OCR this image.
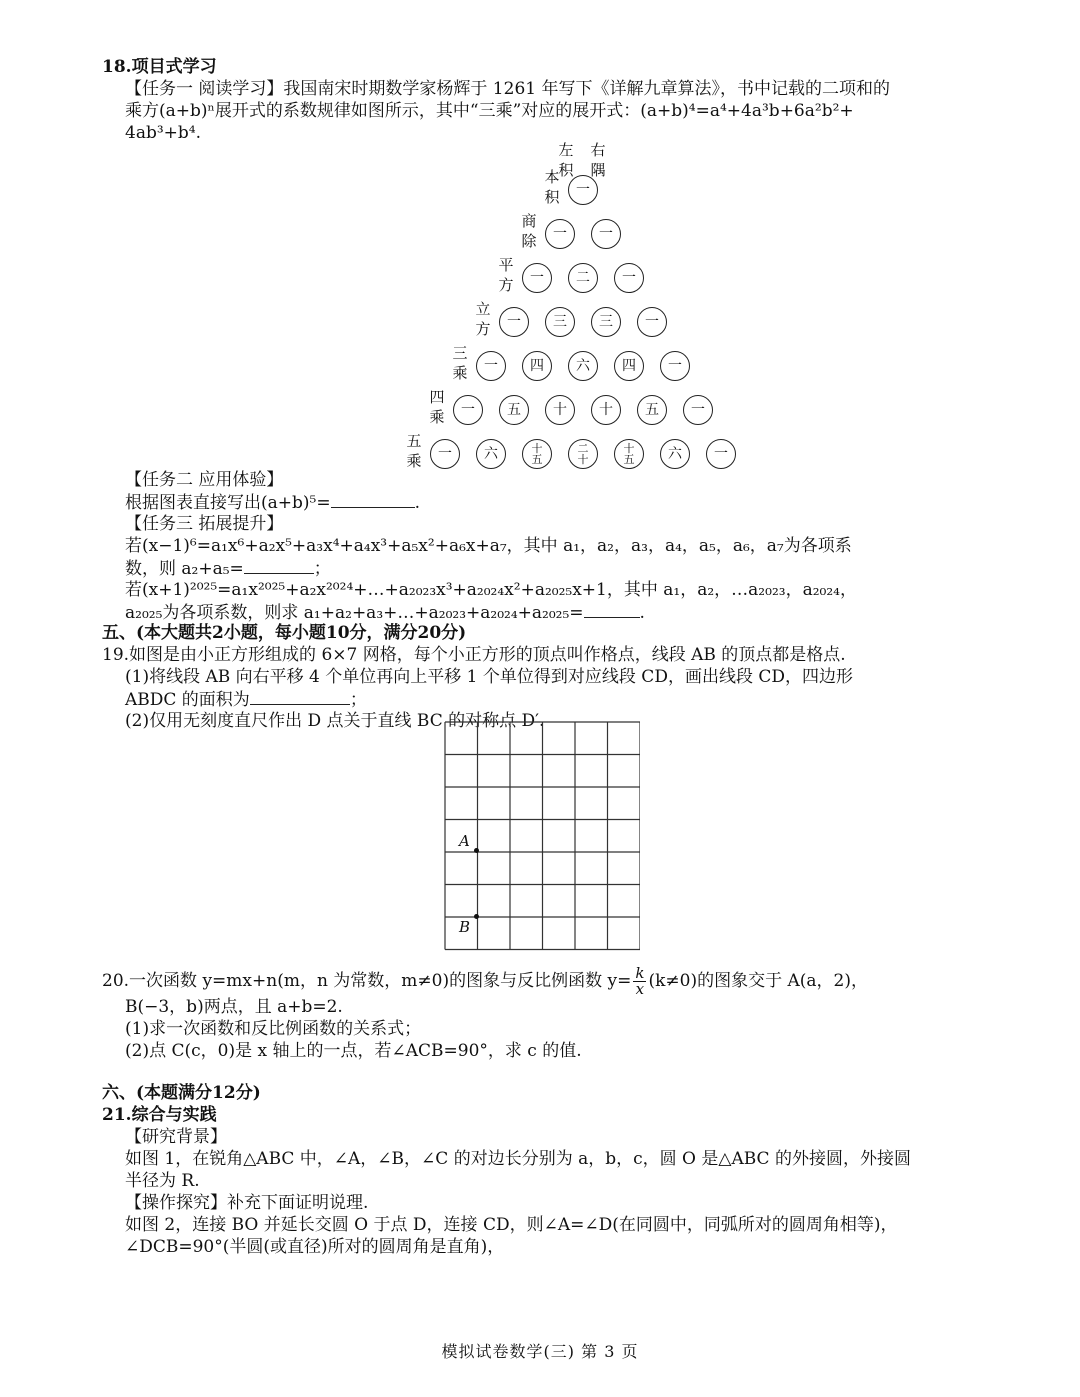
18.项目式学习
【任务一 阅读学习】我国南宋时期数学家杨辉于 1261 年写下《详解九章算法》，书中记载的二项和的
乘方(a+b)ⁿ展开式的系数规律如图所示，其中“三乘”对应的展开式：(a+b)⁴=a⁴+4a³b+6a²b²+
4ab³+b⁴.
左
积
右
隅
一
本
积
一	一
商
除
一	二	一
平
方
一	三	三	一
立
方
一	四	六	四	一
三
乘
一	五	十	十	五	一
四
乘
一	六	十
五
二
十
十
五	六	一
五
乘
【任务二 应用体验】
根据图表直接写出(a+b)⁵=	.
【任务三 拓展提升】
若(x−1)⁶=a₁x⁶+a₂x⁵+a₃x⁴+a₄x³+a₅x²+a₆x+a₇，其中 a₁，a₂，a₃，a₄，a₅，a₆，a₇为各项系
数，则 a₂+a₅=	；
若(x+1)²⁰²⁵=a₁x²⁰²⁵+a₂x²⁰²⁴+…+a₂₀₂₃x³+a₂₀₂₄x²+a₂₀₂₅x+1，其中 a₁，a₂，…a₂₀₂₃，a₂₀₂₄，
a₂₀₂₅为各项系数，则求 a₁+a₂+a₃+…+a₂₀₂₃+a₂₀₂₄+a₂₀₂₅=	.
五、(本大题共2小题，每小题10分，满分20分)
19.如图是由小正方形组成的 6×7 网格，每个小正方形的顶点叫作格点，线段 AB 的顶点都是格点.
(1)将线段 AB 向右平移 4 个单位再向上平移 1 个单位得到对应线段 CD，画出线段 CD，四边形
ABDC 的面积为	；
(2)仅用无刻度直尺作出 D 点关于直线 BC 的对称点 D′.
A
B
20.一次函数 y=mx+n(m，n 为常数，m≠0)的图象与反比例函数 $y= \frac{k}{x} (k\ne 0)$的图象交于 A(a，2)，
B(−3，b)两点，且 a+b=2.
(1)求一次函数和反比例函数的关系式；
(2)点 C(c，0)是 x 轴上的一点，若∠ACB=90°，求 c 的值.
六、(本题满分12分)
21.综合与实践
【研究背景】
如图 1，在锐角△ABC 中，∠A，∠B，∠C 的对边长分别为 a，b，c，圆 O 是△ABC 的外接圆，外接圆
半径为 R.
【操作探究】补充下面证明说理.
如图 2，连接 BO 并延长交圆 O 于点 D，连接 CD，则∠A=∠D(在同圆中，同弧所对的圆周角相等)，
∠DCB=90°(半圆(或直径)所对的圆周角是直角)，
模拟试卷数学(三) 第 3 页
